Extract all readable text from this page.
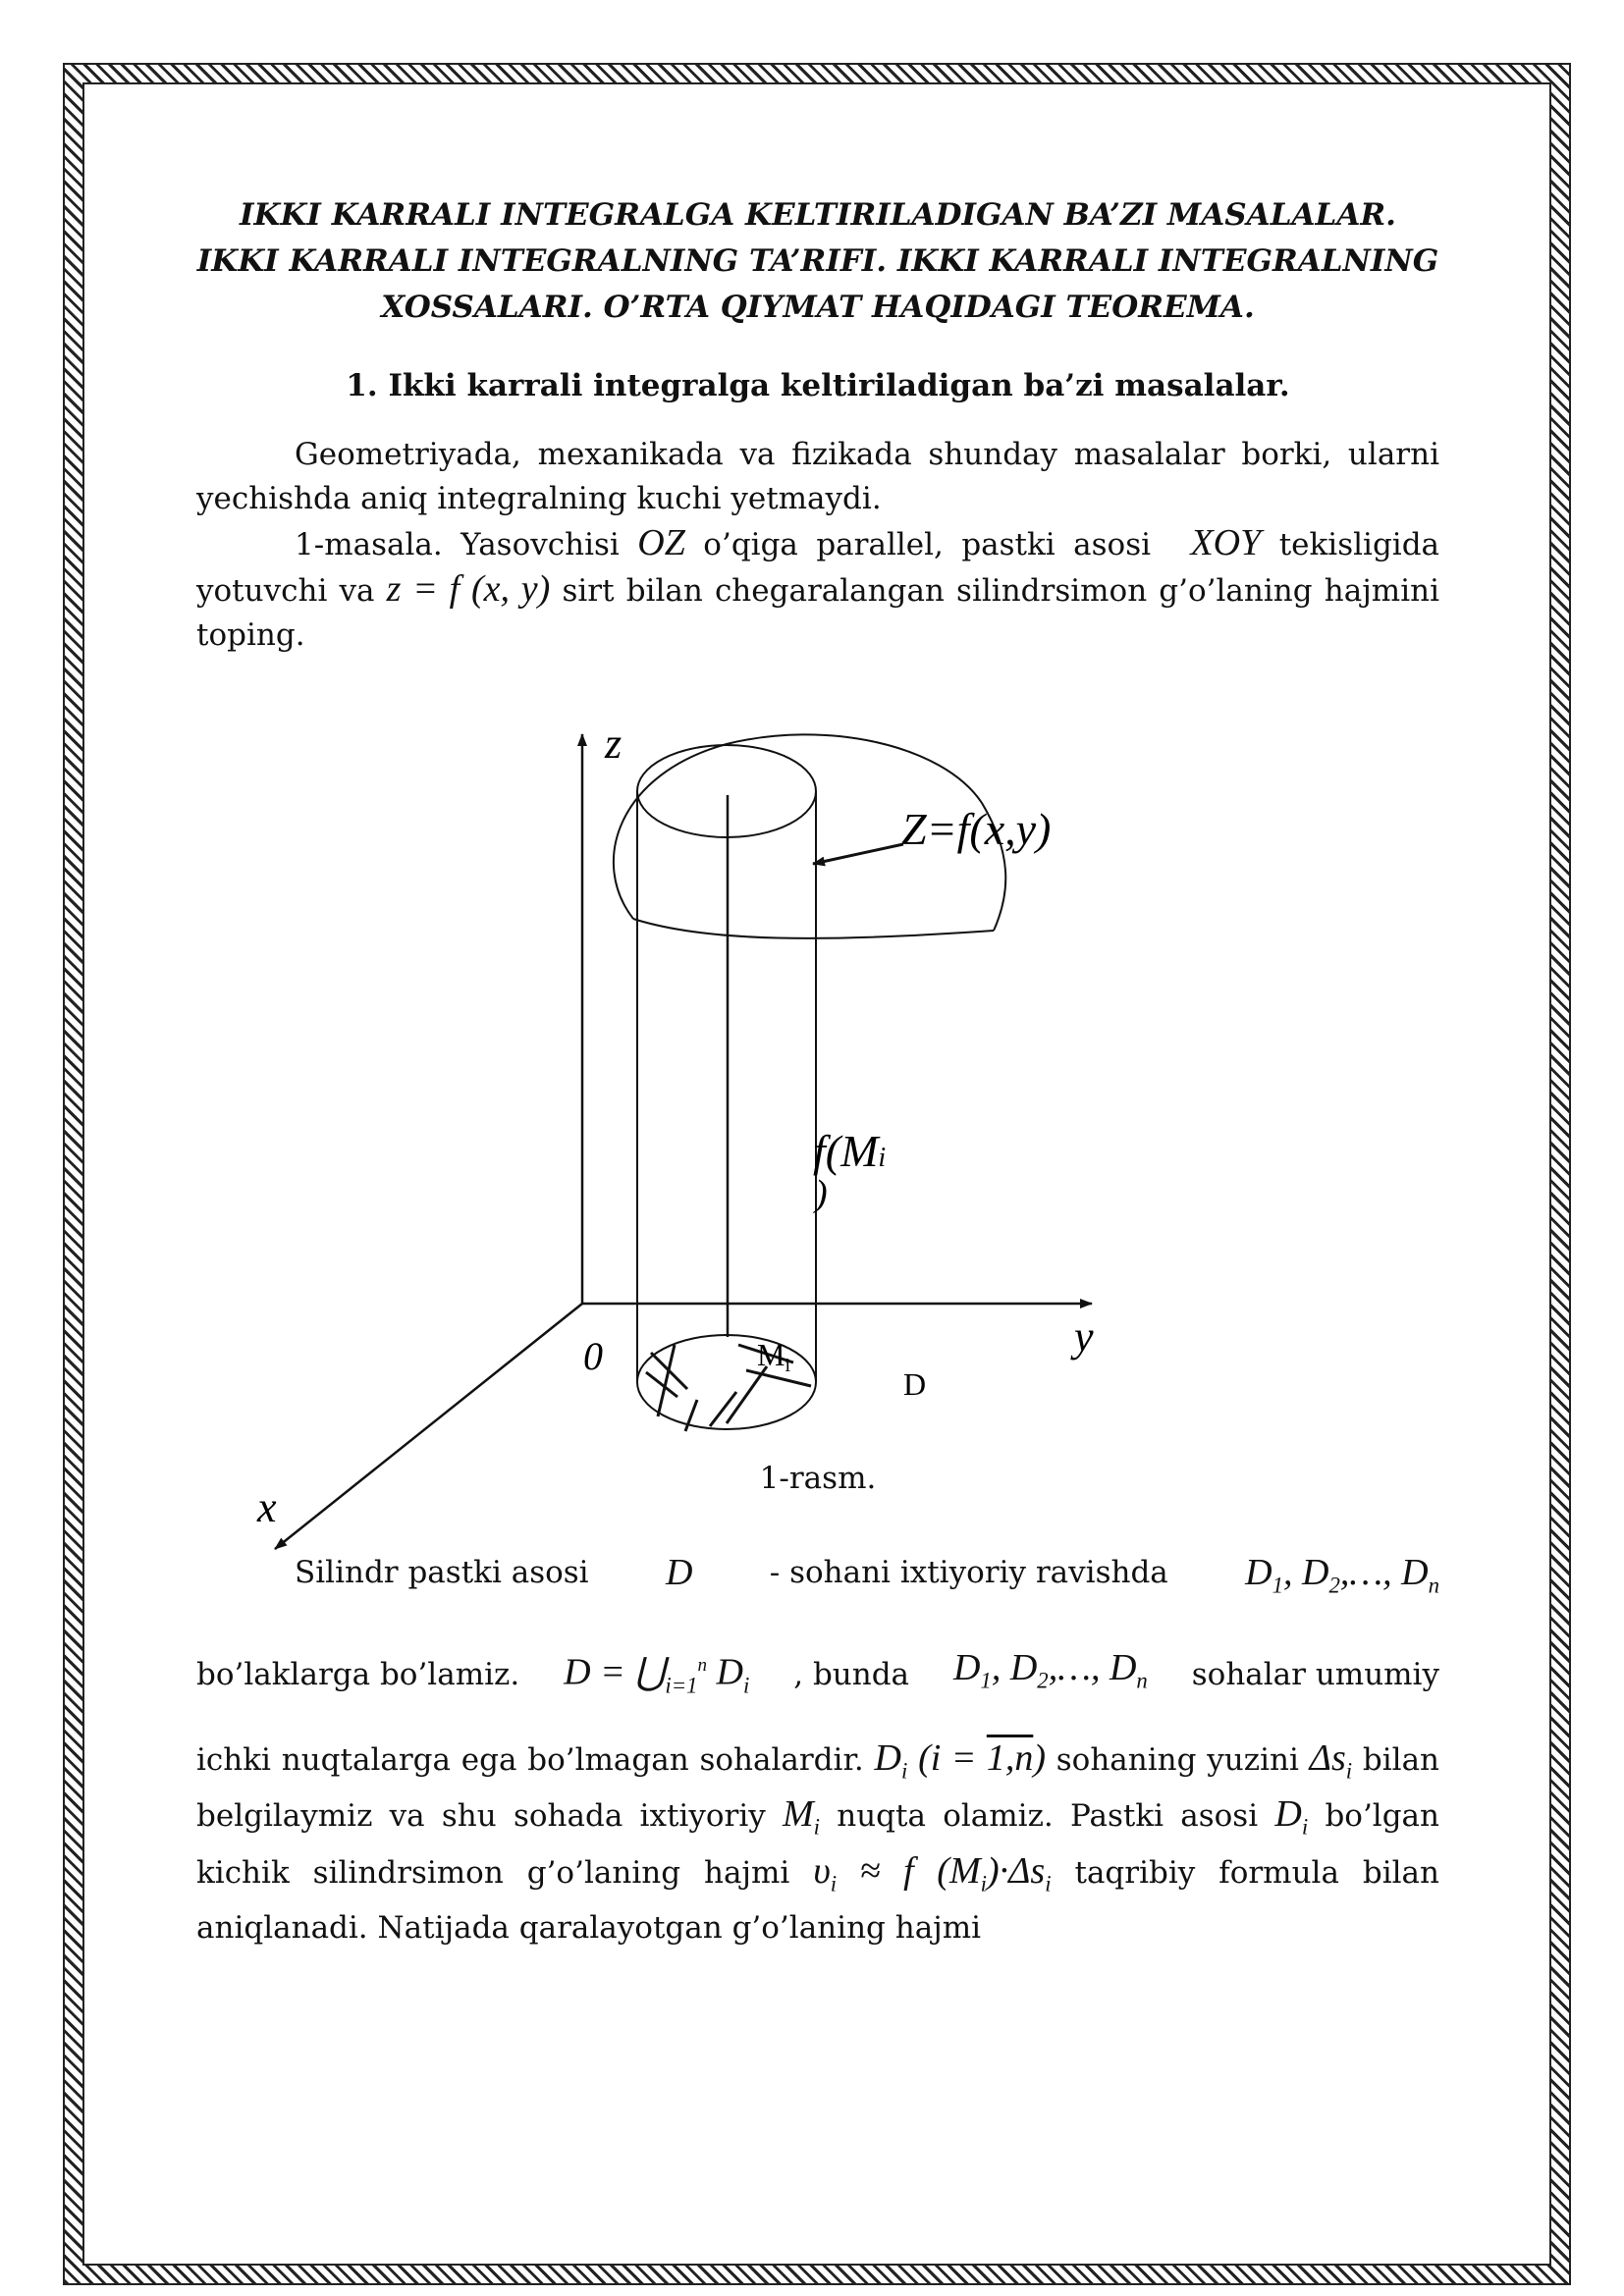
IKKI KARRALI INTEGRALGA KELTIRILADIGAN BA’ZI MASALALAR. IKKI KARRALI INTEGRALNING TA’RIFI. IKKI KARRALI INTEGRALNING XOSSALARI. O’RTA QIYMAT HAQIDAGI TEOREMA.

1. Ikki karrali integralga keltiriladigan ba’zi masalalar.

Geometriyada, mexanikada va fizikada shunday masalalar borki, ularni yechishda aniq integralning kuchi yetmaydi.

1-masala. Yasovchisi OZ o’qiga parallel, pastki asosi XOY tekisligida yotuvchi va z = f (x, y) sirt bilan chegaralangan silindrsimon g’o’laning hajmini toping.

z
y
x
0
Z=f(x,y)
f(Mi
)
Mi
D

1-rasm.

Silindr pastki asosi D	- sohani ixtiyoriy ravishda $D_1$, $D_2,\dots$, $D_n$

bo’laklarga bo’lamiz. $D = ⋃_{i=1}^n$ $D_i$ , bunda $D_1$, $D_2,\dots$, $D_n$ sohalar umumiy

ichki nuqtalarga ega bo’lmagan sohalardir. $D_i$ (i = 1,n) sohaning yuzini $\Delta s_i$ bilan belgilaymiz va shu sohada ixtiyoriy $M_i$ nuqta olamiz. Pastki asosi $D_i$ bo’lgan kichik silindrsimon g’o’laning hajmi $\upsilon_i \approx f$ $(M_i)\cdot\Delta s_i$ taqribiy formula bilan aniqlanadi. Natijada qaralayotgan g’o’laning hajmi
